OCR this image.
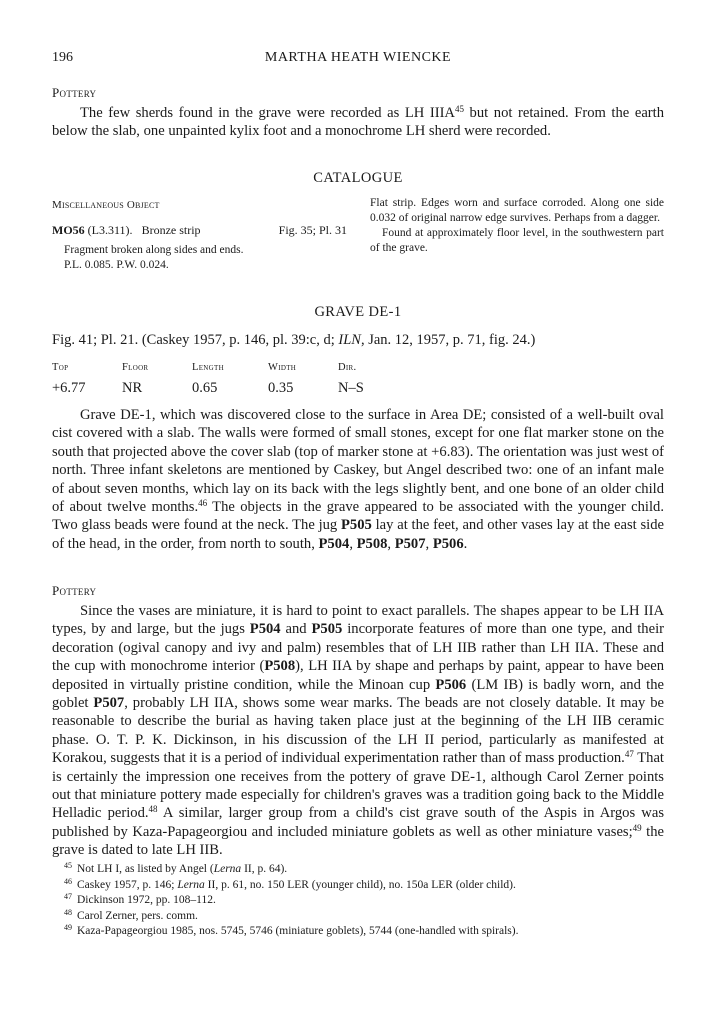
196	MARTHA HEATH WIENCKE
Pottery

The few sherds found in the grave were recorded as LH IIIA$^{45}$ but not retained. From the earth below the slab, one unpainted kylix foot and a monochrome LH sherd were recorded.

CATALOGUE
Miscellaneous Object
MO56 (L3.311). Bronze strip	Fig. 35; Pl. 31
Fragment broken along sides and ends.
P.L. 0.085. P.W. 0.024.

Flat strip. Edges worn and surface corroded. Along one side 0.032 of original narrow edge survives. Perhaps from a dagger.

Found at approximately floor level, in the southwestern part of the grave.

GRAVE DE-1
Fig. 41; Pl. 21. (Caskey 1957, p. 146, pl. 39:c, d; ILN, Jan. 12, 1957, p. 71, fig. 24.)
Top	Floor	Length	Width	Dir.
+6.77	NR	0.65	0.35	N–S

Grave DE-1, which was discovered close to the surface in Area DE; consisted of a well-built oval cist covered with a slab. The walls were formed of small stones, except for one flat marker stone on the south that projected above the cover slab (top of marker stone at +6.83). The orientation was just west of north. Three infant skeletons are mentioned by Caskey, but Angel described two: one of an infant male of about seven months, which lay on its back with the legs slightly bent, and one bone of an older child of about twelve months.$^{46}$ The objects in the grave appeared to be associated with the younger child. Two glass beads were found at the neck. The jug P505 lay at the feet, and other vases lay at the east side of the head, in the order, from north to south, P504, P508, P507, P506.

Pottery

Since the vases are miniature, it is hard to point to exact parallels. The shapes appear to be LH IIA types, by and large, but the jugs P504 and P505 incorporate features of more than one type, and their decoration (ogival canopy and ivy and palm) resembles that of LH IIB rather than LH IIA. These and the cup with monochrome interior (P508), LH IIA by shape and perhaps by paint, appear to have been deposited in virtually pristine condition, while the Minoan cup P506 (LM IB) is badly worn, and the goblet P507, probably LH IIA, shows some wear marks. The beads are not closely datable. It may be reasonable to describe the burial as having taken place just at the beginning of the LH IIB ceramic phase. O. T. P. K. Dickinson, in his discussion of the LH II period, particularly as manifested at Korakou, suggests that it is a period of individual experimentation rather than of mass production.$^{47}$ That is certainly the impression one receives from the pottery of grave DE-1, although Carol Zerner points out that miniature pottery made especially for children's graves was a tradition going back to the Middle Helladic period.$^{48}$ A similar, larger group from a child's cist grave south of the Aspis in Argos was published by Kaza-Papageorgiou and included miniature goblets as well as other miniature vases;$^{49}$ the grave is dated to late LH IIB.

$^{45}$ Not LH I, as listed by Angel (Lerna II, p. 64).
$^{46}$ Caskey 1957, p. 146; Lerna II, p. 61, no. 150 LER (younger child), no. 150a LER (older child).
$^{47}$ Dickinson 1972, pp. 108–112.
$^{48}$ Carol Zerner, pers. comm.
$^{49}$ Kaza-Papageorgiou 1985, nos. 5745, 5746 (miniature goblets), 5744 (one-handled with spirals).
